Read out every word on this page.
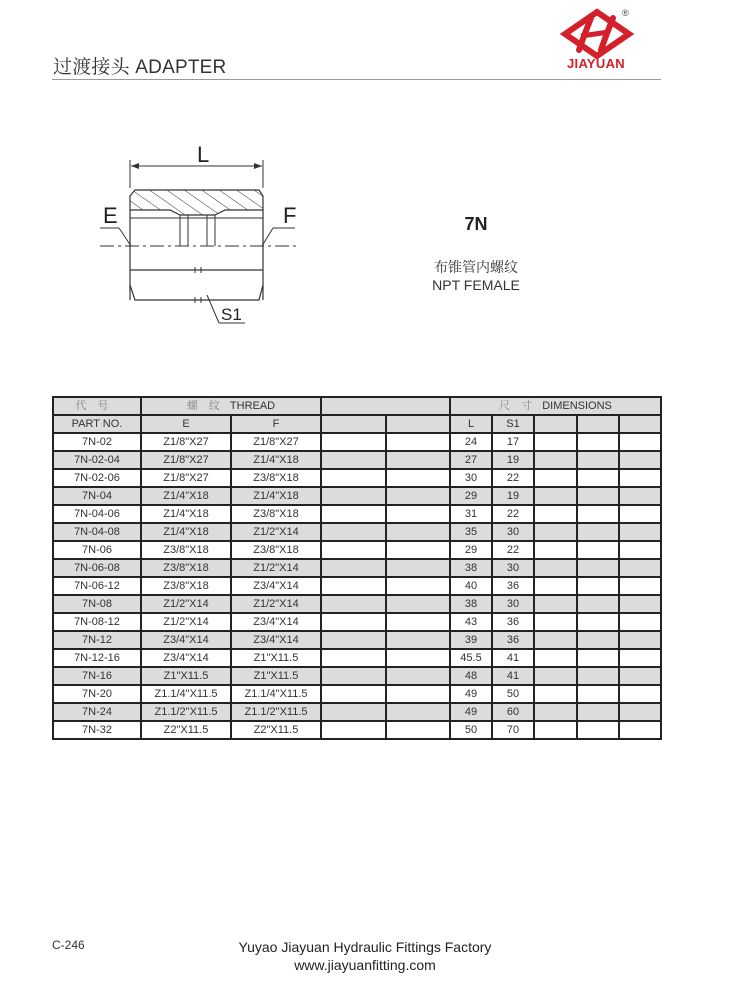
过渡接头 ADAPTER
®
JIAYUAN
L
E	F
S1
7N
布锥管内螺纹
NPT FEMALE
代 号	螺 纹 THREAD				尺 寸 DIMENSIONS				
PART NO.	E	F			L	S1			
7N-02	Z1/8"X27	Z1/8"X27			24	17			
7N-02-04	Z1/8"X27	Z1/4"X18			27	19			
7N-02-06	Z1/8"X27	Z3/8"X18			30	22			
7N-04	Z1/4"X18	Z1/4"X18			29	19			
7N-04-06	Z1/4"X18	Z3/8"X18			31	22			
7N-04-08	Z1/4"X18	Z1/2"X14			35	30			
7N-06	Z3/8"X18	Z3/8"X18			29	22			
7N-06-08	Z3/8"X18	Z1/2"X14			38	30			
7N-06-12	Z3/8"X18	Z3/4"X14			40	36			
7N-08	Z1/2"X14	Z1/2"X14			38	30			
7N-08-12	Z1/2"X14	Z3/4"X14			43	36			
7N-12	Z3/4"X14	Z3/4"X14			39	36			
7N-12-16	Z3/4"X14	Z1"X11.5			45.5	41			
7N-16	Z1"X11.5	Z1"X11.5			48	41			
7N-20	Z1.1/4"X11.5	Z1.1/4"X11.5			49	50			
7N-24	Z1.1/2"X11.5	Z1.1/2"X11.5			49	60			
7N-32	Z2"X11.5	Z2"X11.5			50	70			
C-246	Yuyao Jiayuan Hydraulic Fittings Factory
www.jiayuanfitting.com
